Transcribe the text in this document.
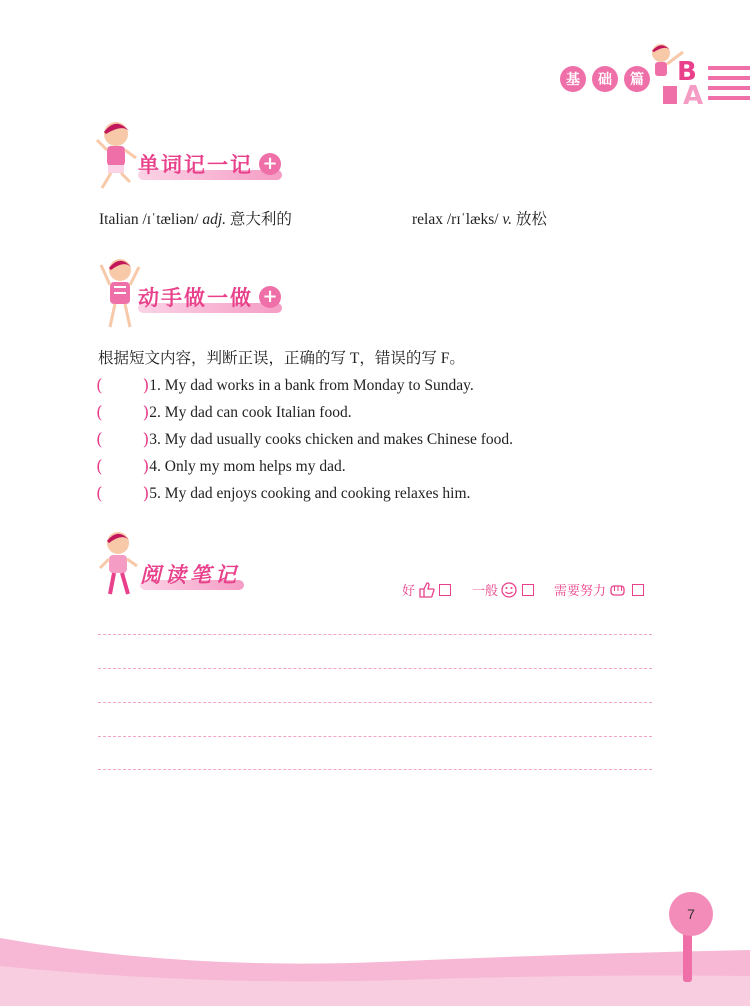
基	础	篇 B
A
单词记一记 +
Italian /ɪˈtæliən/ adj. 意大利的	relax /rɪˈlæks/ v. 放松
动手做一做 +
根据短文内容，判断正误，正确的写 T，错误的写 F。
( ) 1. My dad works in a bank from Monday to Sunday.
( ) 2. My dad can cook Italian food.
( ) 3. My dad usually cooks chicken and makes Chinese food.
( ) 4. Only my mom helps my dad.
( ) 5. My dad enjoys cooking and cooking relaxes him.
阅读笔记
好	一般	需要努力
7
